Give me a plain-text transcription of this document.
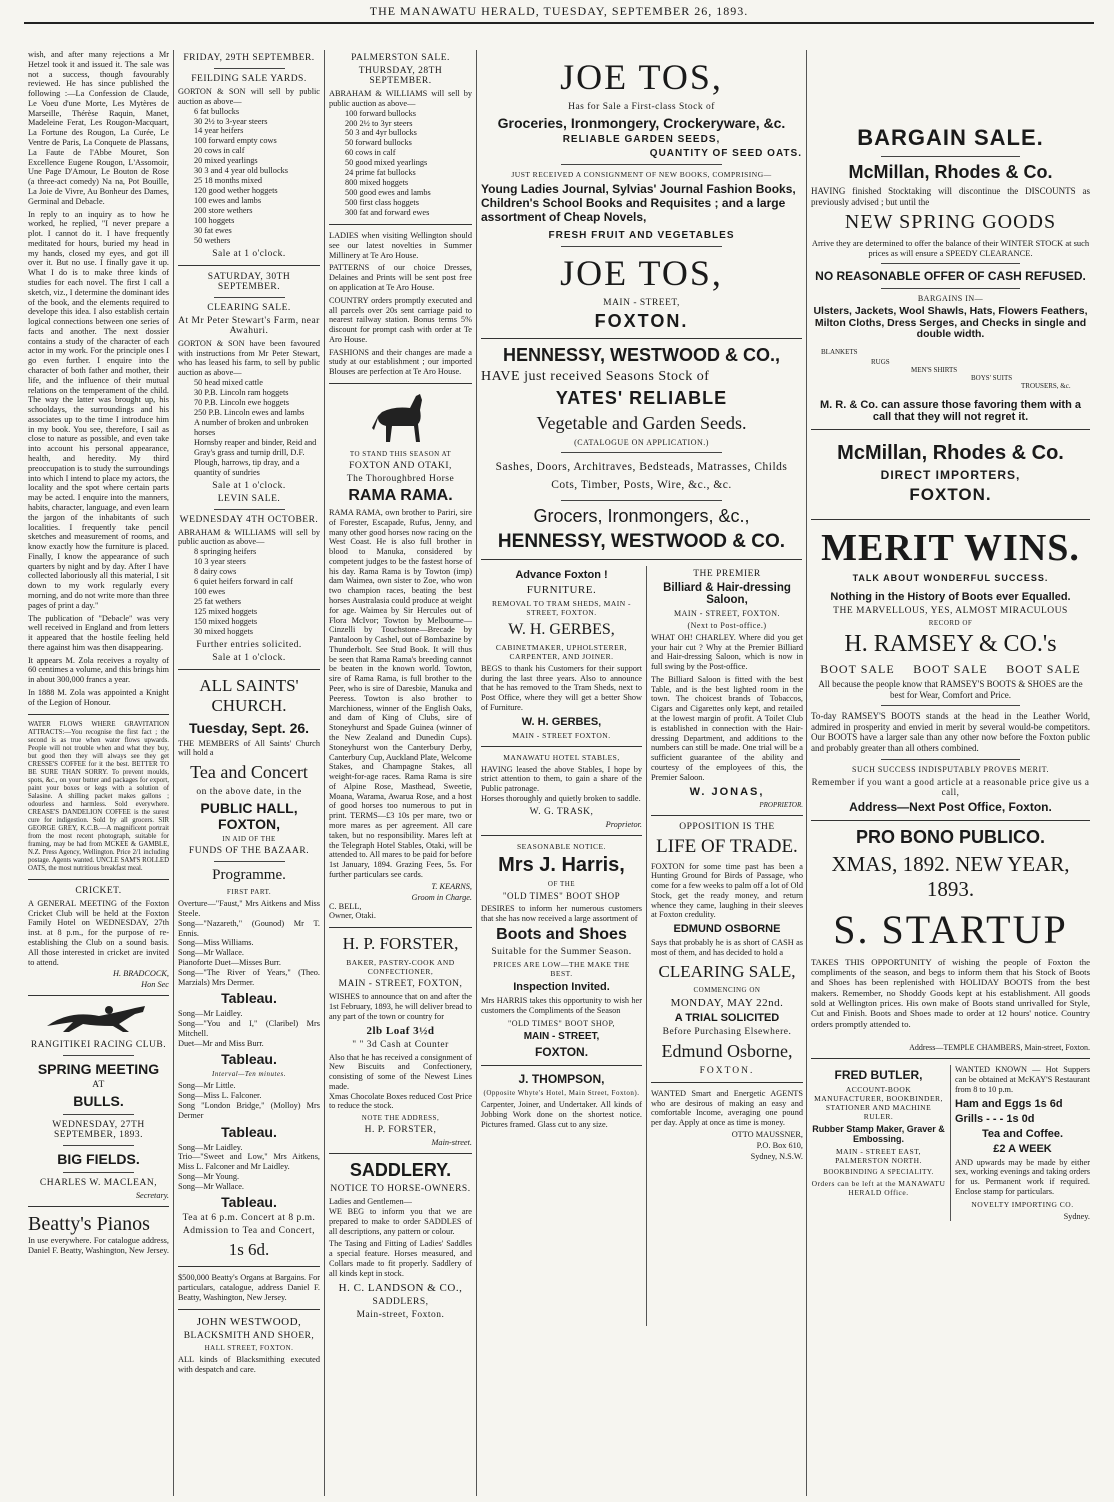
THE MANAWATU HERALD, TUESDAY, SEPTEMBER 26, 1893.

wish, and after many rejections a Mr Hetzel took it and issued it. The sale was not a success, though favourably reviewed. He has since published the following :—La Confession de Claude, Le Voeu d'une Morte, Les Mytères de Marseille, Thérèse Raquin, Manet, Madeleine Ferat, Les Rougon-Macquart, La Fortune des Rougon, La Curée, Le Ventre de Paris, La Conquete de Plassans, La Faute de l'Abbe Mouret, Son Excellence Eugene Rougon, L'Assomoir, Une Page D'Amour, Le Bouton de Rose (a three-act comedy) Na na, Pot Bouille, La Joie de Vivre, Au Bonheur des Dames, Germinal and Debacle.

In reply to an inquiry as to how he worked, he replied, "I never prepare a plot. I cannot do it. I have frequently meditated for hours, buried my head in my hands, closed my eyes, and got ill over it. But no use. I finally gave it up. What I do is to make three kinds of studies for each novel. The first I call a sketch, viz., I determine the dominant ides of the book, and the elements required to develope this idea. I also establish certain logical connections between one series of facts and another. The next dossier contains a study of the character of each actor in my work. For the principle ones I go even further. I enquire into the character of both father and mother, their life, and the influence of their mutual relations on the temperament of the child. The way the latter was brought up, his schooldays, the surroundings and his associates up to the time I introduce him in my book. You see, therefore, I sail as close to nature as possible, and even take into account his personal appearance, health, and heredity. My third preoccupation is to study the surroundings into which I intend to place my actors, the locality and the spot where certain parts may be acted. I enquire into the manners, habits, character, language, and even learn the jargon of the inhabitants of such localities. I frequently take pencil sketches and measurement of rooms, and know exactly how the furniture is placed. Finally, I know the appearance of such quarters by night and by day. After I have collected laboriously all this material, I sit down to my work regularly every morning, and do not write more than three pages of print a day."

The publication of "Debacle" was very well received in England and from letters it appeared that the hostile feeling held there against him was then disappearing.

It appears M. Zola receives a royalty of 60 centimes a volume, and this brings him in about 300,000 francs a year.

In 1888 M. Zola was appointed a Knight of the Legion of Honour.

WATER FLOWS WHERE GRAVITATION ATTRACTS:—You recognise the first fact ; the second is as true when water flows upwards. People will not trouble when and what they buy, but good then they will always see they get CRESSE'S COFFEE for it the best. BETTER TO BE SURE THAN SORRY. To prevent moulds, spots, &c., on your butter and packages for export, paint your boxes or kegs with a solution of Salasine. A shilling packet makes gallons ; odourless and harmless. Sold everywhere. CREASE'S DANDELION COFFEE is the surest cure for indigestion. Sold by all grocers. SIR GEORGE GREY, K.C.B.—A magnificent portrait from the most recent photograph, suitable for framing, may be had from MCKEE & GAMBLE, N.Z. Press Agency, Wellington. Price 2/1 including postage. Agents wanted. UNCLE SAM'S ROLLED OATS, the most nutritious breakfast meal.

CRICKET.

A GENERAL MEETING of the Foxton Cricket Club will be held at the Foxton Family Hotel on WEDNESDAY, 27th inst. at 8 p.m., for the purpose of re-establishing the Club on a sound basis. All those interested in cricket are invited to attend.

H. BRADCOCK,
Hon Sec
RANGITIKEI RACING CLUB.
SPRING MEETING
AT
BULLS.
WEDNESDAY, 27TH SEPTEMBER, 1893.
BIG FIELDS.
CHARLES W. MACLEAN,
Secretary.
Beatty's Pianos

In use everywhere. For catalogue address, Daniel F. Beatty, Washington, New Jersey.

FRIDAY, 29TH SEPTEMBER.
FEILDING SALE YARDS.

GORTON & SON will sell by public auction as above—

6 fat bullocks
30 2½ to 3-year steers
14 year heifers
100 forward empty cows
20 cows in calf
20 mixed yearlings
30 3 and 4 year old bullocks
25 18 months mixed
120 good wether hoggets
100 ewes and lambs
200 store wethers
100 hoggets
30 fat ewes
50 wethers
Sale at 1 o'clock.
SATURDAY, 30TH SEPTEMBER.
CLEARING SALE.
At Mr Peter Stewart's Farm, near Awahuri.

GORTON & SON have been favoured with instructions from Mr Peter Stewart, who has leased his farm, to sell by public auction as above—

50 head mixed cattle
30 P.B. Lincoln ram hoggets
70 P.B. Lincoln ewe hoggets
250 P.B. Lincoln ewes and lambs
A number of broken and unbroken horses
Hornsby reaper and binder, Reid and Gray's grass and turnip drill, D.F. Plough, harrows, tip dray, and a quantity of sundries
Sale at 1 o'clock.
LEVIN SALE.
WEDNESDAY 4TH OCTOBER.

ABRAHAM & WILLIAMS will sell by public auction as above—

8 springing heifers
10 3 year steers
8 dairy cows
6 quiet heifers forward in calf
100 ewes
25 fat wethers
125 mixed hoggets
150 mixed hoggets
30 mixed hoggets
Further entries solicited.
Sale at 1 o'clock.
ALL SAINTS' CHURCH.
Tuesday, Sept. 26.

THE MEMBERS of All Saints' Church will hold a

Tea and Concert
on the above date, in the
PUBLIC HALL, FOXTON,
IN AID OF THE
FUNDS OF THE BAZAAR.
Programme.
FIRST PART.
Overture—"Faust," Mrs Aitkens and Miss Steele.
Song—"Nazareth," (Gounod) Mr T. Ennis.
Song—Miss Williams.
Song—Mr Wallace.
Pianoforte Duet—Misses Burr.
Song—"The River of Years," (Theo. Marzials) Mrs Dermer.
Tableau.
Song—Mr Laidley.
Song—"You and I," (Claribel) Mrs Mitchell.
Duet—Mr and Miss Burr.
Tableau.
Interval—Ten minutes.
Song—Mr Little.
Song—Miss L. Falconer.
Song "London Bridge," (Molloy) Mrs Dermer
Tableau.
Song—Mr Laidley.
Trio—"Sweet and Low," Mrs Aitkens, Miss L. Falconer and Mr Laidley.
Song—Mr Young.
Song—Mr Wallace.
Tableau.
Tea at 6 p.m. Concert at 8 p.m.
Admission to Tea and Concert,
1s 6d.

$500,000 Beatty's Organs at Bargains. For particulars, catalogue, address Daniel F. Beatty, Washington, New Jersey.

JOHN WESTWOOD,
BLACKSMITH AND SHOER,
HALL STREET, FOXTON.

ALL kinds of Blacksmithing executed with despatch and care.

PALMERSTON SALE.
THURSDAY, 28TH SEPTEMBER.

ABRAHAM & WILLIAMS will sell by public auction as above—

100 forward bullocks
200 2½ to 3yr steers
50 3 and 4yr bullocks
50 forward bullocks
60 cows in calf
50 good mixed yearlings
24 prime fat bullocks
800 mixed hoggets
500 good ewes and lambs
500 first class hoggets
300 fat and forward ewes

LADIES when visiting Wellington should see our latest novelties in Summer Millinery at Te Aro House.

PATTERNS of our choice Dresses, Delaines and Prints will be sent post free on application at Te Aro House.

COUNTRY orders promptly executed and all parcels over 20s sent carriage paid to nearest railway station. Bonus terms 5% discount for prompt cash with order at Te Aro House.

FASHIONS and their changes are made a study at our establishment ; our imported Blouses are perfection at Te Aro House.

TO STAND THIS SEASON AT
FOXTON AND OTAKI,
The Thoroughbred Horse
RAMA RAMA.

RAMA RAMA, own brother to Pariri, sire of Forester, Escapade, Rufus, Jenny, and many other good horses now racing on the West Coast. He is also full brother in blood to Manuka, considered by competent judges to be the fastest horse of his day. Rama Rama is by Towton (imp) dam Waimea, own sister to Zoe, who won two champion races, beating the best horses Australasia could produce at weight for age. Waimea by Sir Hercules out of Flora McIvor; Towton by Melbourne—Cinzelli by Touchstone—Brecade by Pantaloon by Cashel, out of Bombazine by Thunderbolt. See Stud Book. It will thus be seen that Rama Rama's breeding cannot be beaten in the known world. Towton, sire of Rama Rama, is full brother to the Peer, who is sire of Daresbie, Manuka and Peeress. Towton is also brother to Marchioness, winner of the English Oaks, and dam of King of Clubs, sire of Stoneyhurst and Spade Guinea (winner of the New Zealand and Dunedin Cups). Stoneyhurst won the Canterbury Derby, Canterbury Cup, Auckland Plate, Welcome Stakes, and Champagne Stakes, all weight-for-age races. Rama Rama is sire of Alpine Rose, Masthead, Sweetie, Moana, Warama, Awarua Rose, and a host of good horses too numerous to put in print. TERMS—£3 10s per mare, two or more mares as per agreement. All care taken, but no responsibility. Mares left at the Telegraph Hotel Stables, Otaki, will be attended to. All mares to be paid for before 1st January, 1894. Grazing Fees, 5s. For further particulars see cards.

T. KEARNS,
Groom in Charge.
C. BELL,
Owner, Otaki.
H. P. FORSTER,
BAKER, PASTRY-COOK AND CONFECTIONER,
MAIN - STREET, FOXTON,

WISHES to announce that on and after the 1st February, 1893, he will deliver bread to any part of the town or country for

2lb Loaf 3½d
" " 3d Cash at Counter

Also that he has received a consignment of New Biscuits and Confectionery, consisting of some of the Newest Lines made.

Xmas Chocolate Boxes reduced Cost Price to reduce the stock.

NOTE THE ADDRESS,
H. P. FORSTER,
Main-street.
SADDLERY.
NOTICE TO HORSE-OWNERS.
Ladies and Gentlemen—

WE BEG to inform you that we are prepared to make to order SADDLES of all descriptions, any pattern or colour.

The Tasing and Fitting of Ladies' Saddles a special feature. Horses measured, and Collars made to fit properly. Saddlery of all kinds kept in stock.

H. C. LANDSON & CO.,
SADDLERS,
Main-street, Foxton.
JOE TOS,
Has for Sale a First-class Stock of
Groceries, Ironmongery, Crockeryware, &c.
RELIABLE GARDEN SEEDS,
QUANTITY OF SEED OATS.
JUST RECEIVED A CONSIGNMENT OF NEW BOOKS, COMPRISING—
Young Ladies Journal, Sylvias' Journal Fashion Books, Children's School Books and Requisites ; and a large assortment of Cheap Novels,
FRESH FRUIT AND VEGETABLES
JOE TOS,
MAIN - STREET,
FOXTON.
HENNESSY, WESTWOOD & CO.,
HAVE just received Seasons Stock of
YATES' RELIABLE
Vegetable and Garden Seeds.
(CATALOGUE ON APPLICATION.)
Sashes, Doors, Architraves, Bedsteads, Matrasses, Childs Cots, Timber, Posts, Wire, &c., &c.
Grocers, Ironmongers, &c.,
HENNESSY, WESTWOOD & CO.
Advance Foxton !
FURNITURE.
REMOVAL TO TRAM SHEDS, MAIN - STREET, FOXTON.
W. H. GERBES,
CABINETMAKER, UPHOLSTERER, CARPENTER, AND JOINER.

BEGS to thank his Customers for their support during the last three years. Also to announce that he has removed to the Tram Sheds, next to Post Office, where they will get a better Show of Furniture.

W. H. GERBES,
MAIN - STREET FOXTON.
MANAWATU HOTEL STABLES,

HAVING leased the above Stables, I hope by strict attention to them, to gain a share of the Public patronage.

Horses thoroughly and quietly broken to saddle.

W. G. TRASK,
Proprietor.
SEASONABLE NOTICE.
Mrs J. Harris,
OF THE
"OLD TIMES" BOOT SHOP

DESIRES to inform her numerous customers that she has now received a large assortment of

Boots and Shoes
Suitable for the Summer Season.
PRICES ARE LOW—THE MAKE THE BEST.
Inspection Invited.

Mrs HARRIS takes this opportunity to wish her customers the Compliments of the Season

"OLD TIMES" BOOT SHOP,
MAIN - STREET,
FOXTON.
J. THOMPSON,
(Opposite Whyte's Hotel, Main Street, Foxton).

Carpenter, Joiner, and Undertaker. All kinds of Jobbing Work done on the shortest notice. Pictures framed. Glass cut to any size.

THE PREMIER
Billiard & Hair-dressing Saloon,
MAIN - STREET, FOXTON.
(Next to Post-office.)

WHAT OH! CHARLEY. Where did you get your hair cut ? Why at the Premier Billiard and Hair-dressing Saloon, which is now in full swing by the Post-office.

The Billiard Saloon is fitted with the best Table, and is the best lighted room in the town. The choicest brands of Tobaccos, Cigars and Cigarettes only kept, and retailed at the lowest margin of profit. A Toilet Club is established in connection with the Hair-dressing Department, and additions to the numbers can still be made. One trial will be a sufficient guarantee of the ability and courtesy of the employees of this, the Premier Saloon.

W. JONAS,
PROPRIETOR.
OPPOSITION IS THE
LIFE OF TRADE.

FOXTON for some time past has been a Hunting Ground for Birds of Passage, who come for a few weeks to palm off a lot of Old Stock, get the ready money, and return whence they came, laughing in their sleeves at Foxton credulity.

EDMUND OSBORNE

Says that probably he is as short of CASH as most of them, and has decided to hold a

CLEARING SALE,
COMMENCING ON
MONDAY, MAY 22nd.
A TRIAL SOLICITED
Before Purchasing Elsewhere.
Edmund Osborne,
FOXTON.

WANTED Smart and Energetic AGENTS who are desirous of making an easy and comfortable Income, averaging one pound per day. Apply at once as time is money.

OTTO MAUSSNER,
P.O. Box 610,
Sydney, N.S.W.
BARGAIN SALE.
McMillan, Rhodes & Co.

HAVING finished Stocktaking will discontinue the DISCOUNTS as previously advised ; but until the

NEW SPRING GOODS

Arrive they are determined to offer the balance of their WINTER STOCK at such prices as will ensure a SPEEDY CLEARANCE.

NO REASONABLE OFFER OF CASH REFUSED.
BARGAINS IN—
Ulsters, Jackets, Wool Shawls, Hats, Flowers Feathers, Milton Cloths, Dress Serges, and Checks in single and double width.
BLANKETS
RUGS
MEN'S SHIRTS
BOYS' SUITS
TROUSERS, &c.
M. R. & Co. can assure those favoring them with a call that they will not regret it.
McMillan, Rhodes & Co.
DIRECT IMPORTERS,
FOXTON.
MERIT WINS.
TALK ABOUT WONDERFUL SUCCESS.
Nothing in the History of Boots ever Equalled.
THE MARVELLOUS, YES, ALMOST MIRACULOUS
RECORD OF
H. RAMSEY & CO.'s
BOOT SALE BOOT SALE BOOT SALE

All because the people know that RAMSEY'S BOOTS & SHOES are the best for Wear, Comfort and Price.

To-day RAMSEY'S BOOTS stands at the head in the Leather World, admired in prosperity and envied in merit by several would-be competitors. Our BOOTS have a larger sale than any other now before the Foxton public and probably greater than all others combined.

SUCH SUCCESS INDISPUTABLY PROVES MERIT.
Remember if you want a good article at a reasonable price give us a call,
Address—Next Post Office, Foxton.
PRO BONO PUBLICO.
XMAS, 1892. NEW YEAR, 1893.
S. STARTUP

TAKES THIS OPPORTUNITY of wishing the people of Foxton the compliments of the season, and begs to inform them that his Stock of Boots and Shoes has been replenished with HOLIDAY BOOTS from the best makers. Remember, no Shoddy Goods kept at his establishment. All goods sold at Wellington prices. His own make of Boots stand unrivalled for Style, Cut and Finish. Boots and Shoes made to order at 12 hours' notice. Country orders promptly attended to.

Address—TEMPLE CHAMBERS, Main-street, Foxton.
FRED BUTLER,
ACCOUNT-BOOK MANUFACTURER, BOOKBINDER, STATIONER AND MACHINE RULER.
Rubber Stamp Maker, Graver & Embossing.
MAIN - STREET EAST, PALMERSTON NORTH.
BOOKBINDING A SPECIALITY.
Orders can be left at the MANAWATU HERALD Office.

WANTED KNOWN — Hot Suppers can be obtained at McKAY'S Restaurant from 8 to 10 p.m.

Ham and Eggs 1s 6d
Grills - - - 1s 0d
Tea and Coffee.
£2 A WEEK

AND upwards may be made by either sex, working evenings and taking orders for us. Permanent work if required. Enclose stamp for particulars.

NOVELTY IMPORTING CO.
Sydney.
